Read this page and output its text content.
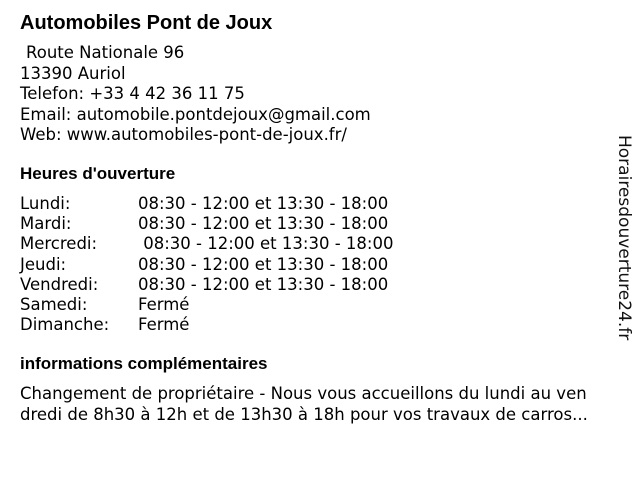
Automobiles Pont de Joux
Route Nationale 96
13390 Auriol
Telefon: +33 4 42 36 11 75
Email: automobile.pontdejoux@gmail.com
Web: www.automobiles-pont-de-joux.fr/
Heures d'ouverture
Lundi:	08:30 - 12:00 et 13:30 - 18:00
Mardi:	08:30 - 12:00 et 13:30 - 18:00
Mercredi: 08:30 - 12:00 et 13:30 - 18:00
Jeudi:	08:30 - 12:00 et 13:30 - 18:00
Vendredi: 08:30 - 12:00 et 13:30 - 18:00
Samedi:	Fermé
Dimanche: Fermé
informations complémentaires
Changement de propriétaire - Nous vous accueillons du lundi au ven
dredi de 8h30 à 12h et de 13h30 à 18h pour vos travaux de carros...
Horairesdouverture24.fr
